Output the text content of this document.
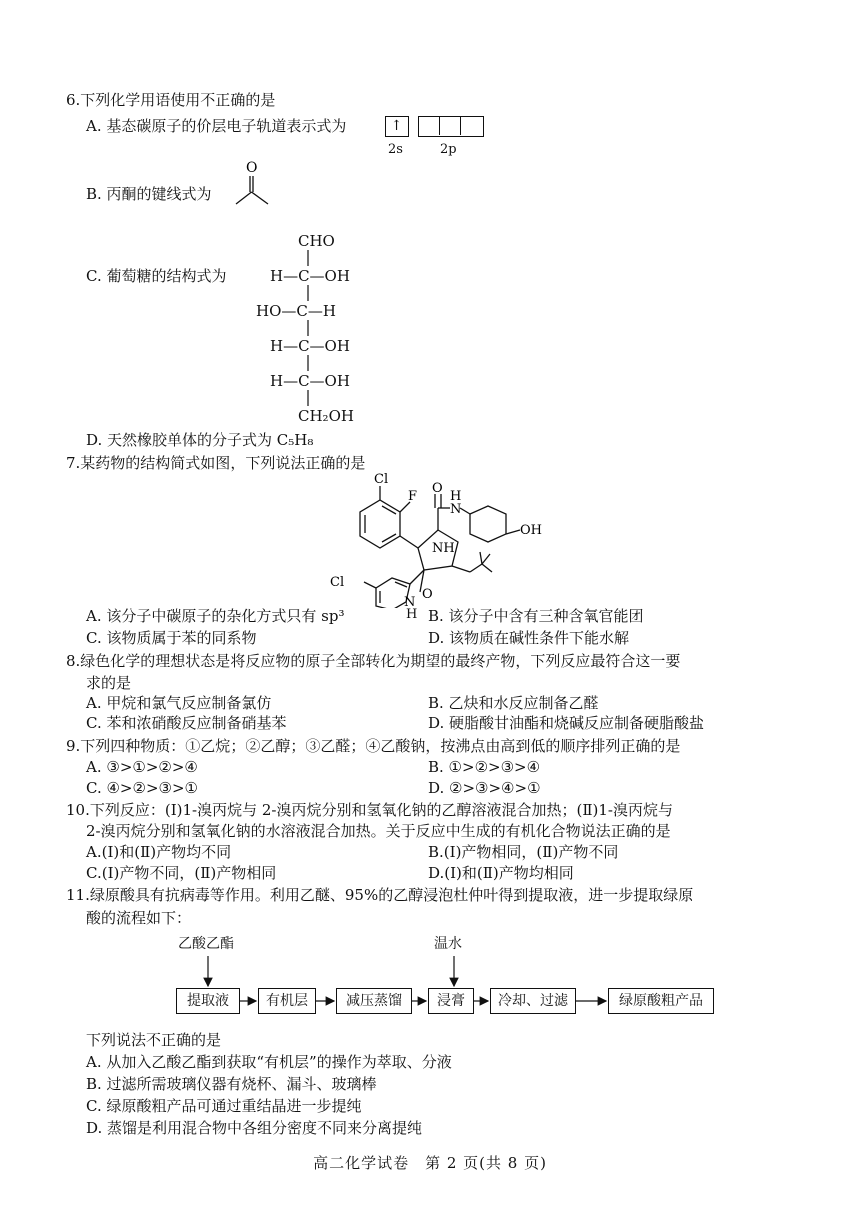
6.下列化学用语使用不正确的是
A. 基态碳原子的价层电子轨道表示式为	↑
2s	2p
B. 丙酮的键线式为
O
C. 葡萄糖的结构式为
CHO
H—C—OH
HO—C—H
H—C—OH
H—C—OH
CH₂OH
D. 天然橡胶单体的分子式为 C₅H₈
7.某药物的结构简式如图，下列说法正确的是
Cl
F
O
H
N
OH
NH
Cl
N
O
H
A. 该分子中碳原子的杂化方式只有 sp³	B. 该分子中含有三种含氧官能团
C. 该物质属于苯的同系物	D. 该物质在碱性条件下能水解
8.绿色化学的理想状态是将反应物的原子全部转化为期望的最终产物，下列反应最符合这一要
求的是
A. 甲烷和氯气反应制备氯仿	B. 乙炔和水反应制备乙醛
C. 苯和浓硝酸反应制备硝基苯	D. 硬脂酸甘油酯和烧碱反应制备硬脂酸盐
9.下列四种物质：①乙烷；②乙醇；③乙醛；④乙酸钠，按沸点由高到低的顺序排列正确的是
A. ③>①>②>④	B. ①>②>③>④
C. ④>②>③>①	D. ②>③>④>①
10.下列反应：(Ⅰ)1-溴丙烷与 2-溴丙烷分别和氢氧化钠的乙醇溶液混合加热；(Ⅱ)1-溴丙烷与
2-溴丙烷分别和氢氧化钠的水溶液混合加热。关于反应中生成的有机化合物说法正确的是
A.(Ⅰ)和(Ⅱ)产物均不同	B.(Ⅰ)产物相同，(Ⅱ)产物不同
C.(Ⅰ)产物不同，(Ⅱ)产物相同	D.(Ⅰ)和(Ⅱ)产物均相同
11.绿原酸具有抗病毒等作用。利用乙醚、95%的乙醇浸泡杜仲叶得到提取液，进一步提取绿原
酸的流程如下：
乙酸乙酯	温水
提取液	有机层	减压蒸馏	浸膏	冷却、过滤	绿原酸粗产品
下列说法不正确的是
A. 从加入乙酸乙酯到获取“有机层”的操作为萃取、分液
B. 过滤所需玻璃仪器有烧杯、漏斗、玻璃棒
C. 绿原酸粗产品可通过重结晶进一步提纯
D. 蒸馏是利用混合物中各组分密度不同来分离提纯
高二化学试卷　第 2 页(共 8 页)
